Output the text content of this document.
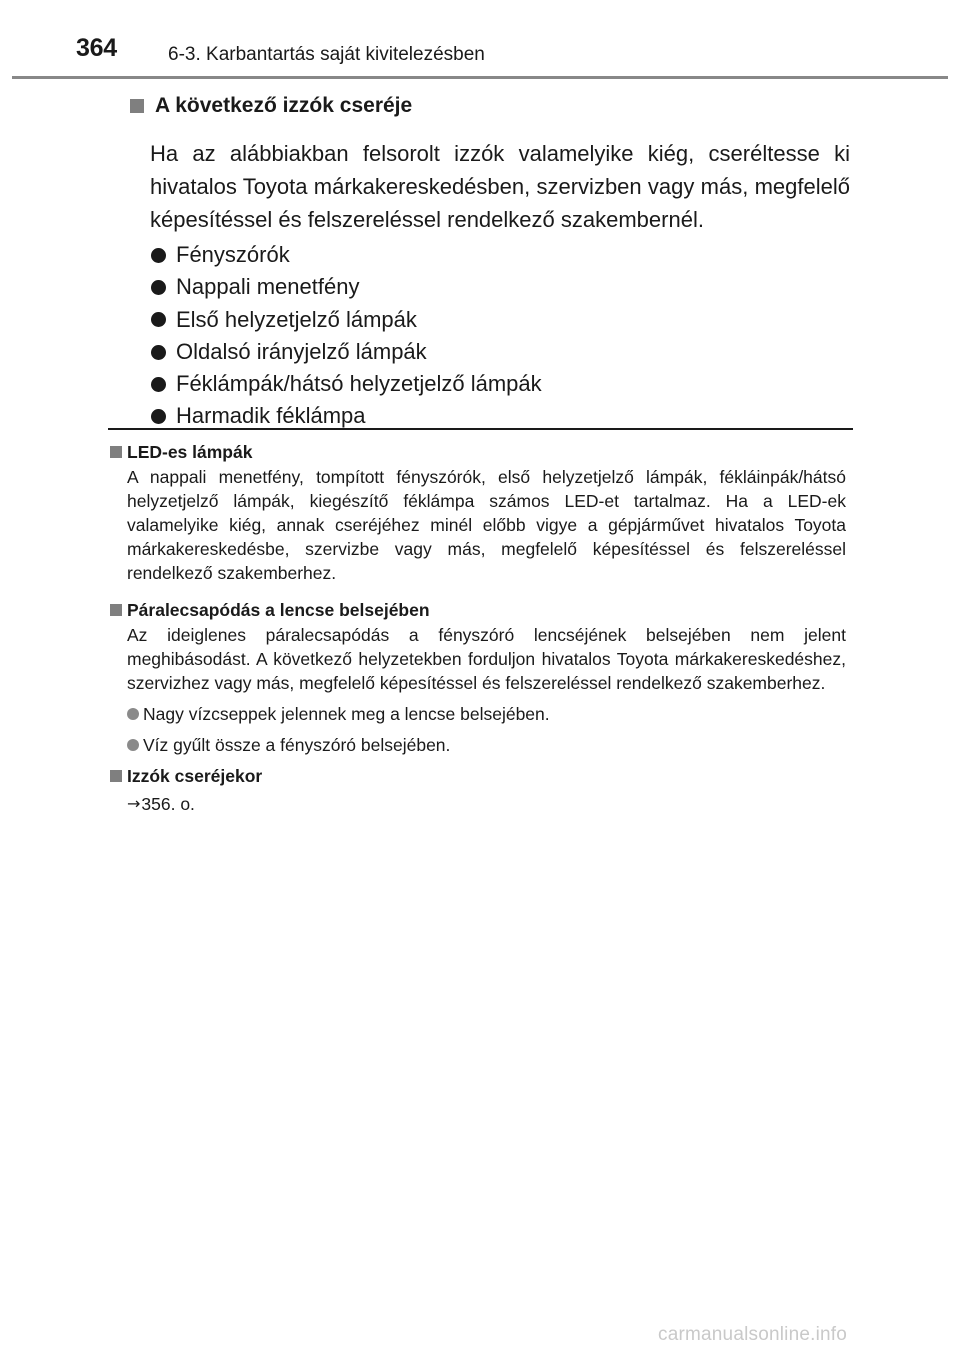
364	6-3. Karbantartás saját kivitelezésben
A következő izzók cseréje
Ha az alábbiakban felsorolt izzók valamelyike kiég, cseréltesse ki hivatalos Toyota márkakereskedésben, szervizben vagy más, megfelelő képesítéssel és felszereléssel rendelkező szakembernél.
Fényszórók
Nappali menetfény
Első helyzetjelző lámpák
Oldalsó irányjelző lámpák
Féklámpák/hátsó helyzetjelző lámpák
Harmadik féklámpa
LED-es lámpák
A nappali menetfény, tompított fényszórók, első helyzetjelző lámpák, fékláinpák/hátsó helyzetjelző lámpák, kiegészítő féklámpa számos LED-et tartalmaz. Ha a LED-ek valamelyike kiég, annak cseréjéhez minél előbb vigye a gépjárművet hivatalos Toyota márkakereskedésbe, szervizbe vagy más, megfelelő képesítéssel és felszereléssel rendelkező szakemberhez.
Páralecsapódás a lencse belsejében
Az ideiglenes páralecsapódás a fényszóró lencséjének belsejében nem jelent meghibásodást. A következő helyzetekben forduljon hivatalos Toyota márkakereskedéshez, szervizhez vagy más, megfelelő képesítéssel és felszereléssel rendelkező szakemberhez.
Nagy vízcseppek jelennek meg a lencse belsejében.
Víz gyűlt össze a fényszóró belsejében.
Izzók cseréjekor
→ 356. o.
carmanualsonline.info
